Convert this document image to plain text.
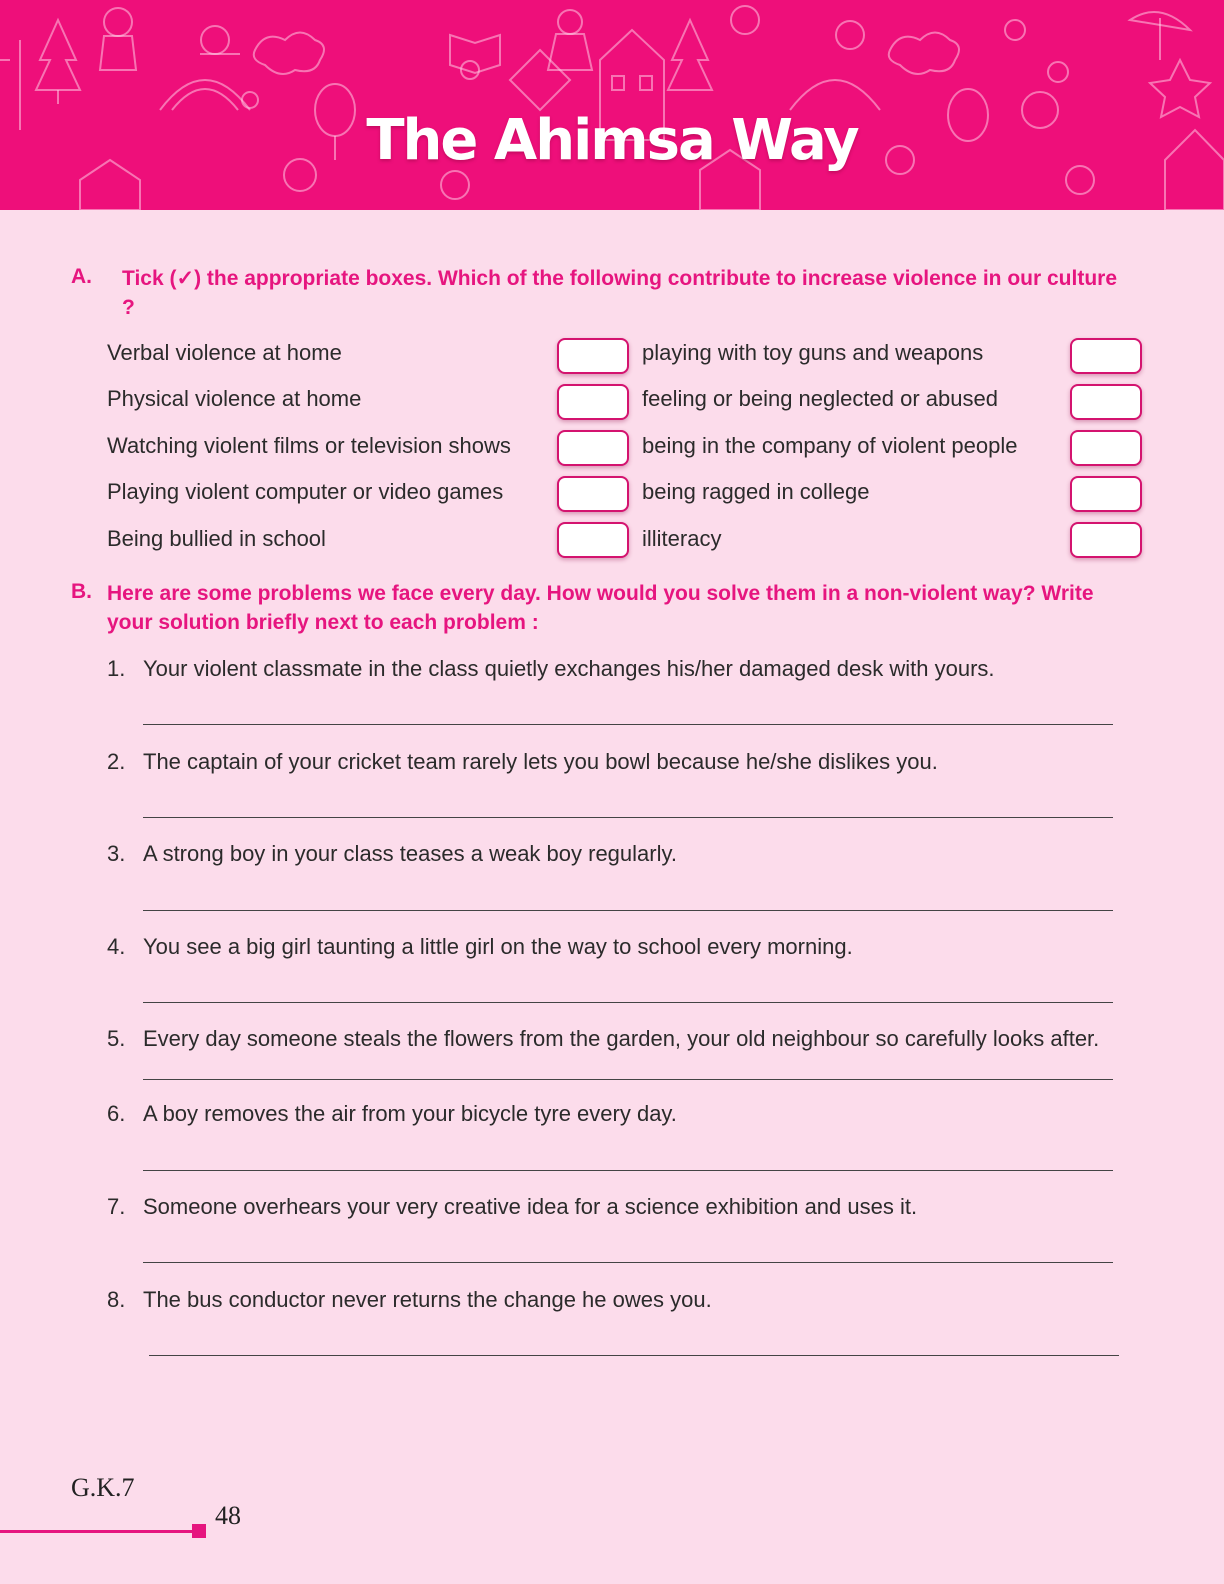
The Ahimsa Way
A. Tick (✓) the appropriate boxes. Which of the following contribute to increase violence in our culture ?
Verbal violence at home
Physical violence at home
Watching violent films or television shows
Playing violent computer or video games
Being bullied in school
playing with toy guns and weapons
feeling or being neglected or abused
being in the company of violent people
being ragged in college
illiteracy
B. Here are some problems we face every day. How would you solve them in a non-violent way? Write your solution briefly next to each problem :
1. Your violent classmate in the class quietly exchanges his/her damaged desk with yours.
2. The captain of your cricket team rarely lets you bowl because he/she dislikes you.
3. A strong boy in your class teases a weak boy regularly.
4. You see a big girl taunting a little girl on the way to school every morning.
5. Every day someone steals the flowers from the garden, your old neighbour so carefully looks after.
6. A boy removes the air from your bicycle tyre every day.
7. Someone overhears your very creative idea for a science exhibition and uses it.
8. The bus conductor never returns the change he owes you.
G.K.7
48
